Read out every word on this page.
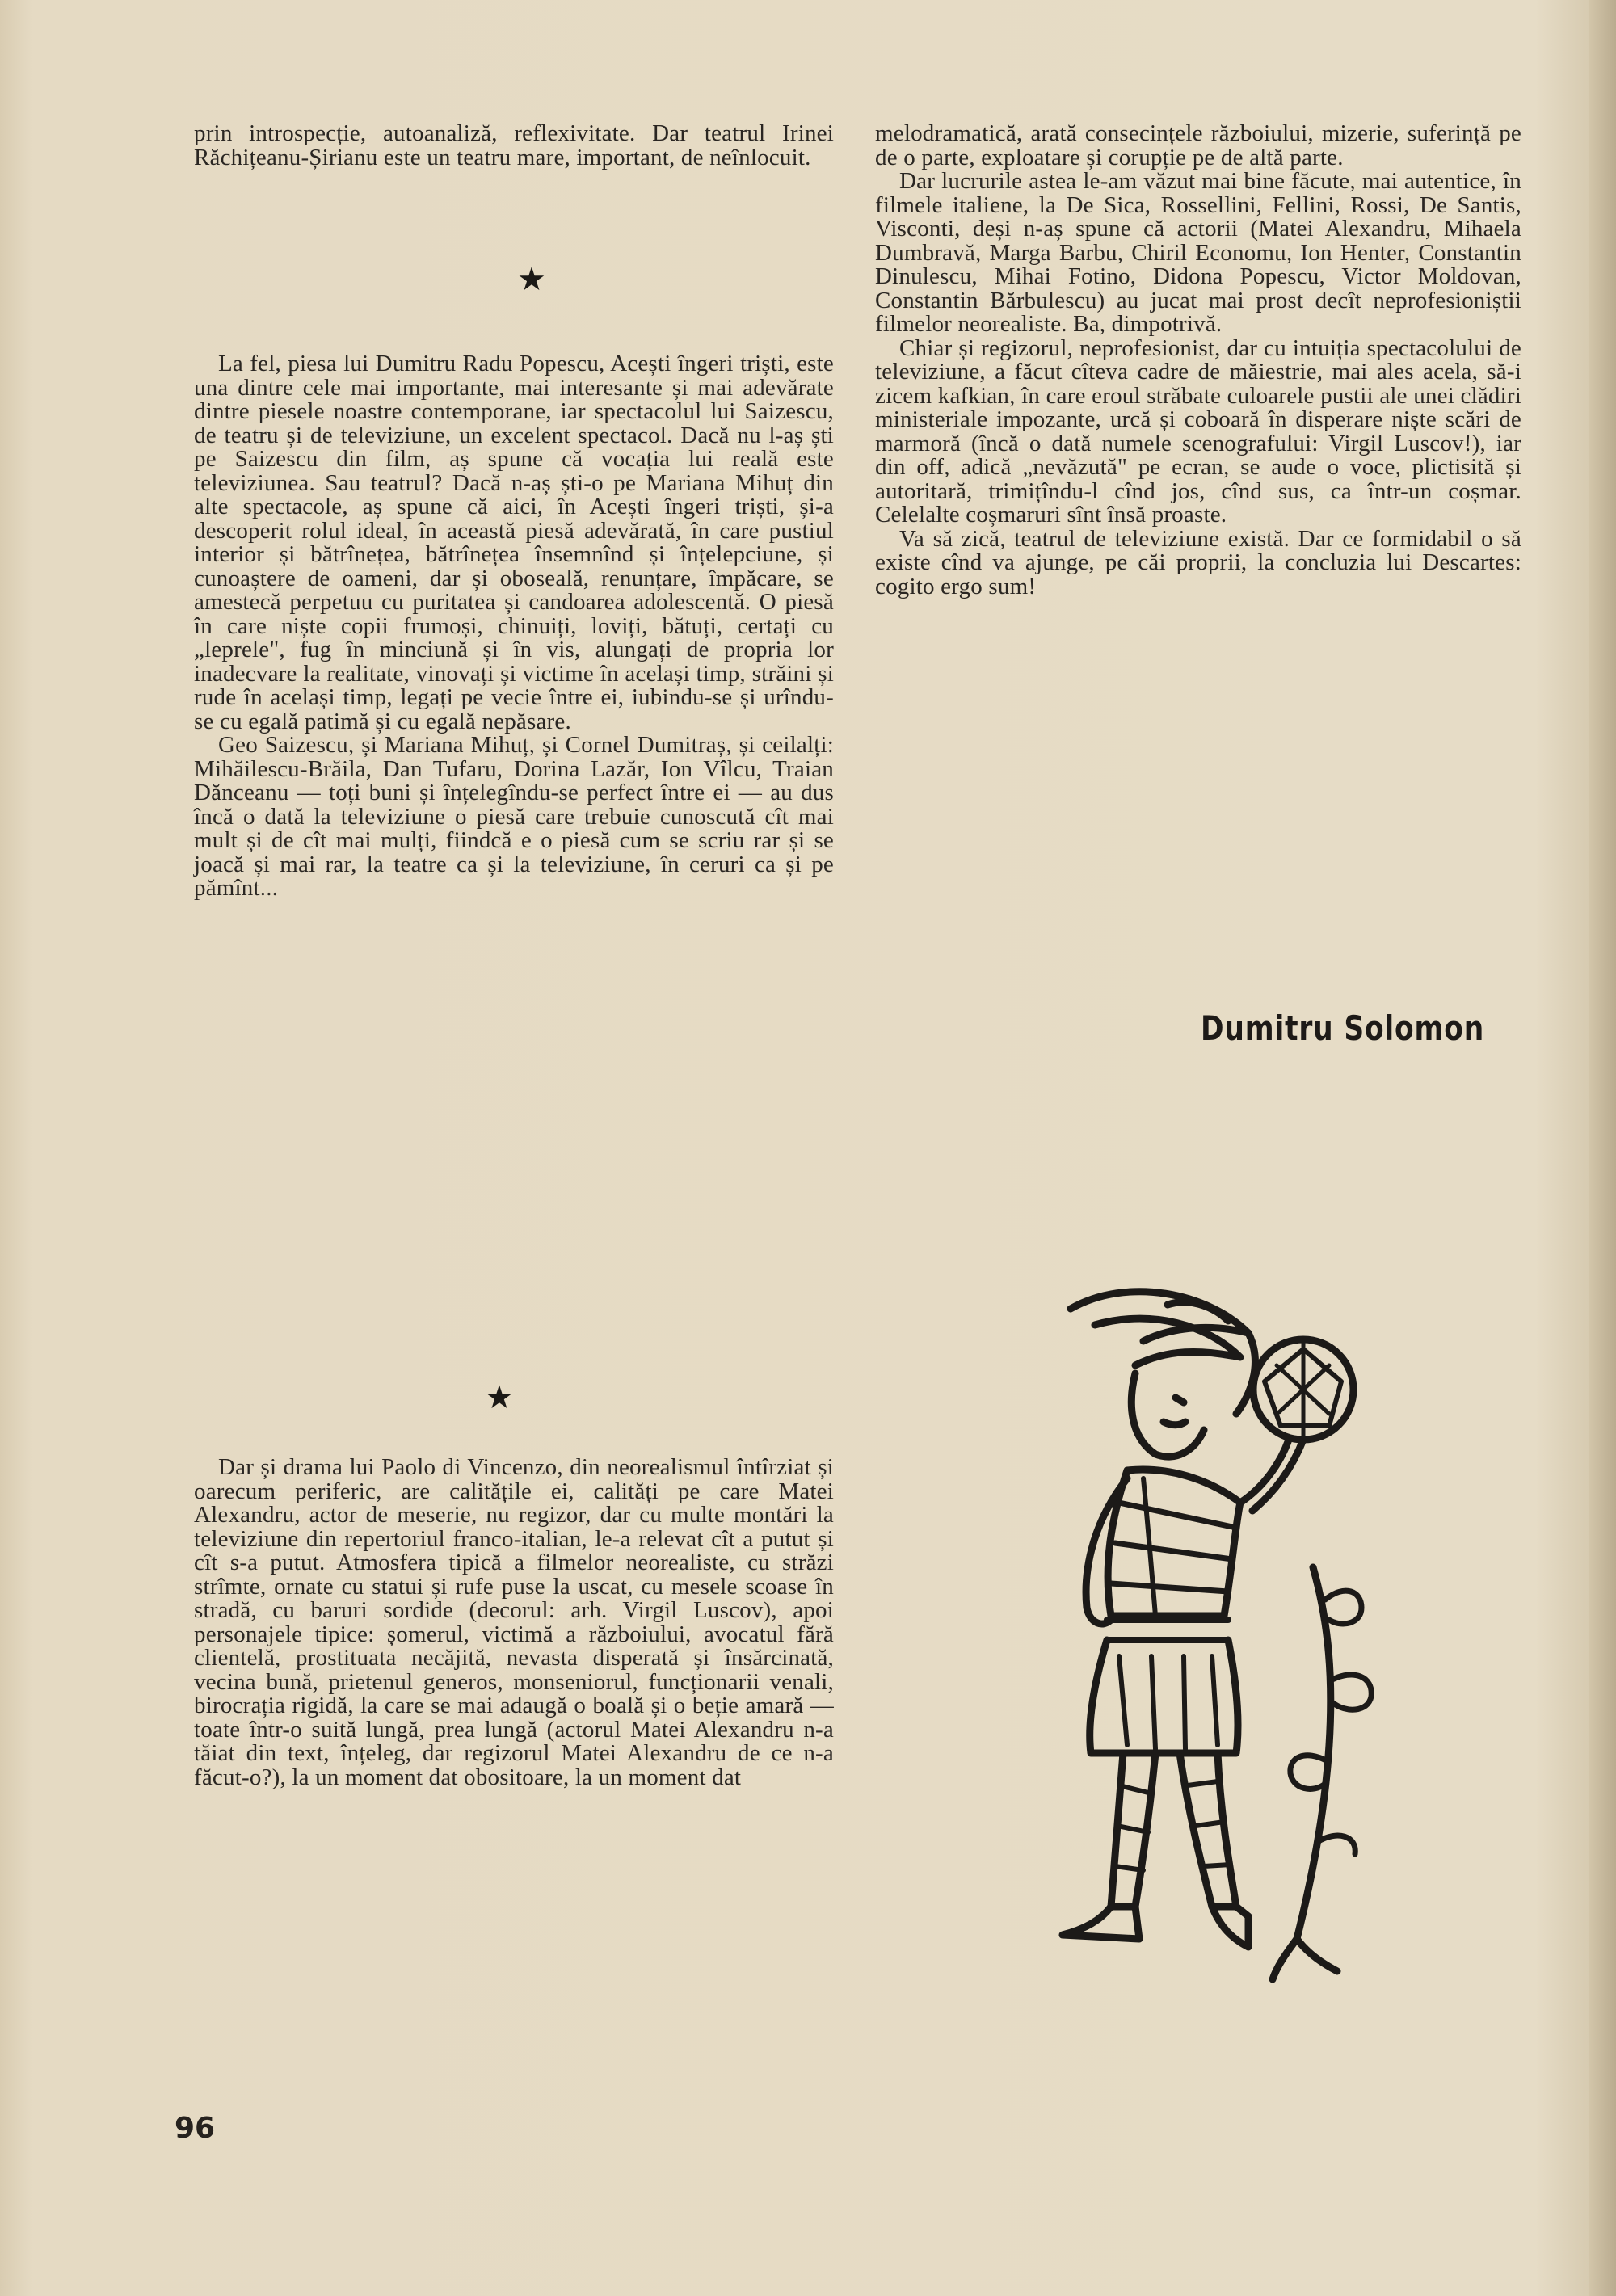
prin introspecție, autoanaliză, reflexivitate. Dar teatrul Irinei Răchițeanu-Șirianu este un teatru mare, important, de neînlocuit.

★

La fel, piesa lui Dumitru Radu Popescu, Acești îngeri triști, este una dintre cele mai importante, mai interesante și mai adevărate dintre piesele noastre contemporane, iar spectacolul lui Saizescu, de teatru și de televiziune, un excelent spectacol. Dacă nu l-aș ști pe Saizescu din film, aș spune că vocația lui reală este televiziunea. Sau teatrul? Dacă n-aș ști-o pe Mariana Mihuț din alte spectacole, aș spune că aici, în Acești îngeri triști, și-a descoperit rolul ideal, în această piesă adevărată, în care pustiul interior și bătrînețea, bătrînețea însemnînd și înțelepciune, și cunoaștere de oameni, dar și oboseală, renunțare, împăcare, se amestecă perpetuu cu puritatea și candoarea adolescentă. O piesă în care niște copii frumoși, chinuiți, loviți, bătuți, certați cu „leprele", fug în minciună și în vis, alungați de propria lor inadecvare la realitate, vinovați și victime în același timp, străini și rude în același timp, legați pe vecie între ei, iubindu-se și urîndu-se cu egală patimă și cu egală nepăsare.

Geo Saizescu, și Mariana Mihuț, și Cornel Dumitraș, și ceilalți: Mihăilescu-Brăila, Dan Tufaru, Dorina Lazăr, Ion Vîlcu, Traian Dănceanu — toți buni și înțelegîndu-se perfect între ei — au dus încă o dată la televiziune o piesă care trebuie cunoscută cît mai mult și de cît mai mulți, fiindcă e o piesă cum se scriu rar și se joacă și mai rar, la teatre ca și la televiziune, în ceruri ca și pe pămînt...

★

Dar și drama lui Paolo di Vincenzo, din neorealismul întîrziat și oarecum periferic, are calitățile ei, calități pe care Matei Alexandru, actor de meserie, nu regizor, dar cu multe montări la televiziune din repertoriul franco-italian, le-a relevat cît a putut și cît s-a putut. Atmosfera tipică a filmelor neorealiste, cu străzi strîmte, ornate cu statui și rufe puse la uscat, cu mesele scoase în stradă, cu baruri sordide (decorul: arh. Virgil Luscov), apoi personajele tipice: șomerul, victimă a războiului, avocatul fără clientelă, prostituata necăjită, nevasta disperată și însărcinată, vecina bună, prietenul generos, monseniorul, funcționarii venali, birocrația rigidă, la care se mai adaugă o boală și o beție amară — toate într-o suită lungă, prea lungă (actorul Matei Alexandru n-a tăiat din text, înțeleg, dar regizorul Matei Alexandru de ce n-a făcut-o?), la un moment dat obositoare, la un moment dat

melodramatică, arată consecințele războiului, mizerie, suferință pe de o parte, exploatare și corupție pe de altă parte.

Dar lucrurile astea le-am văzut mai bine făcute, mai autentice, în filmele italiene, la De Sica, Rossellini, Fellini, Rossi, De Santis, Visconti, deși n-aș spune că actorii (Matei Alexandru, Mihaela Dumbravă, Marga Barbu, Chiril Economu, Ion Henter, Constantin Dinulescu, Mihai Fotino, Didona Popescu, Victor Moldovan, Constantin Bărbulescu) au jucat mai prost decît neprofesioniștii filmelor neorealiste. Ba, dimpotrivă.

Chiar și regizorul, neprofesionist, dar cu intuiția spectacolului de televiziune, a făcut cîteva cadre de măiestrie, mai ales acela, să-i zicem kafkian, în care eroul străbate culoarele pustii ale unei clădiri ministeriale impozante, urcă și coboară în disperare niște scări de marmoră (încă o dată numele scenografului: Virgil Luscov!), iar din off, adică „nevăzută" pe ecran, se aude o voce, plictisită și autoritară, trimițîndu-l cînd jos, cînd sus, ca într-un coșmar. Celelalte coșmaruri sînt însă proaste.

Va să zică, teatrul de televiziune există. Dar ce formidabil o să existe cînd va ajunge, pe căi proprii, la concluzia lui Descartes: cogito ergo sum!

Dumitru Solomon
96
